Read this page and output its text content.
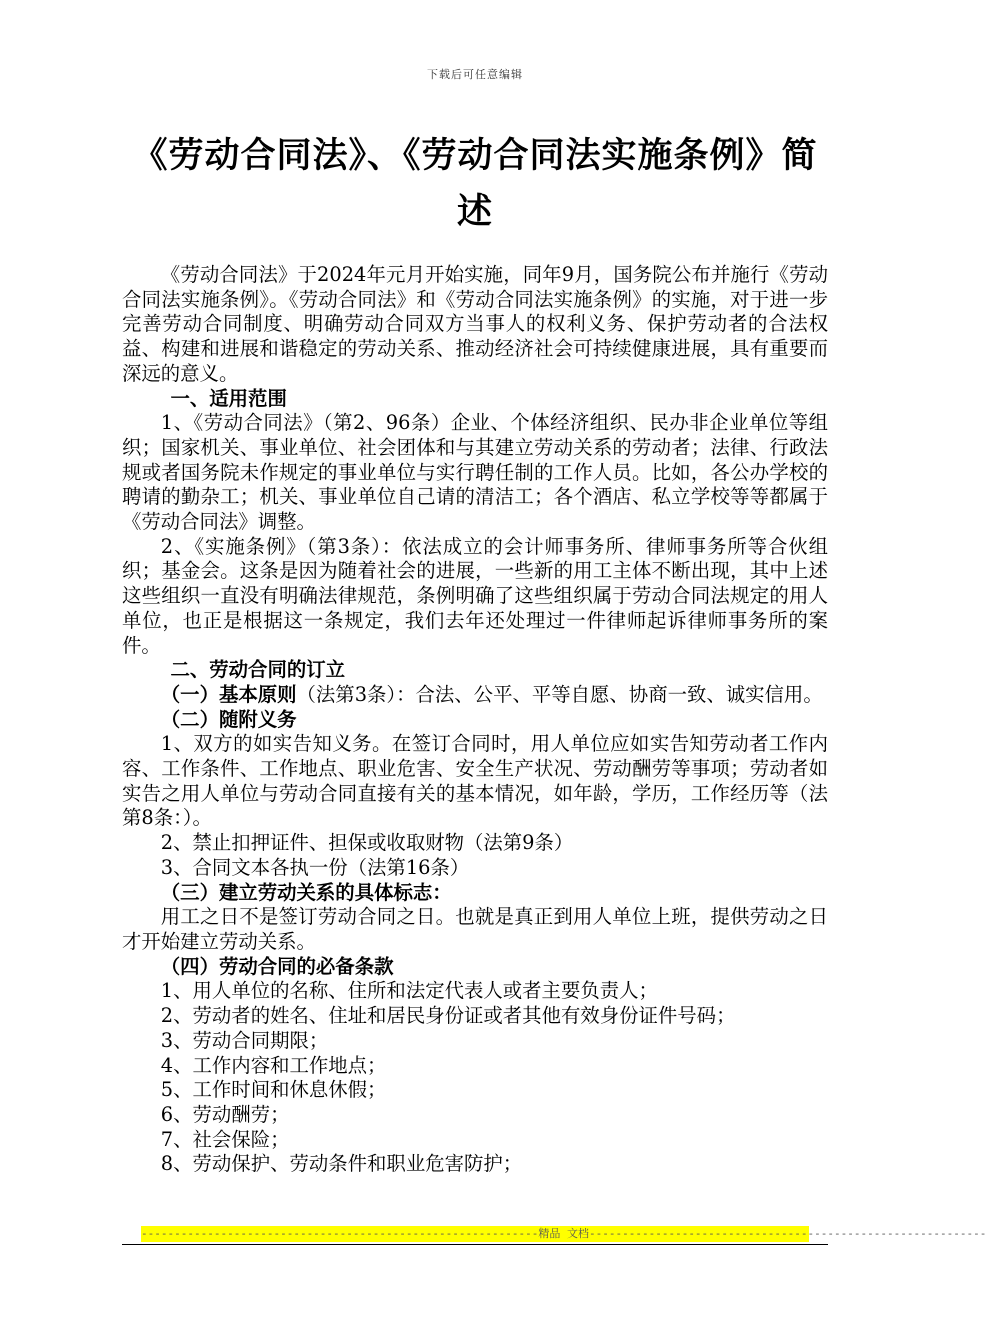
下载后可任意编辑
《劳动合同法》、《劳动合同法实施条例》简述

《劳动合同法》于2024年元月开始实施，同年9月，国务院公布并施行《劳动合同法实施条例》。《劳动合同法》和《劳动合同法实施条例》的实施，对于进一步完善劳动合同制度、明确劳动合同双方当事人的权利义务、保护劳动者的合法权益、构建和进展和谐稳定的劳动关系、推动经济社会可持续健康进展，具有重要而深远的意义。

一、适用范围

1、《劳动合同法》（第2、96条）企业、个体经济组织、民办非企业单位等组织；国家机关、事业单位、社会团体和与其建立劳动关系的劳动者；法律、行政法规或者国务院未作规定的事业单位与实行聘任制的工作人员。比如，各公办学校的聘请的勤杂工；机关、事业单位自己请的清洁工；各个酒店、私立学校等等都属于《劳动合同法》调整。

2、《实施条例》（第3条）：依法成立的会计师事务所、律师事务所等合伙组织；基金会。这条是因为随着社会的进展，一些新的用工主体不断出现，其中上述这些组织一直没有明确法律规范，条例明确了这些组织属于劳动合同法规定的用人单位，也正是根据这一条规定，我们去年还处理过一件律师起诉律师事务所的案件。

二、劳动合同的订立

（一）基本原则（法第3条）：合法、公平、平等自愿、协商一致、诚实信用。

（二）随附义务

1、双方的如实告知义务。在签订合同时，用人单位应如实告知劳动者工作内容、工作条件、工作地点、职业危害、安全生产状况、劳动酬劳等事项；劳动者如实告之用人单位与劳动合同直接有关的基本情况，如年龄，学历，工作经历等（法第8条：）。

2、禁止扣押证件、担保或收取财物（法第9条）

3、合同文本各执一份（法第16条）

（三）建立劳动关系的具体标志：

用工之日不是签订劳动合同之日。也就是真正到用人单位上班，提供劳动之日才开始建立劳动关系。

（四）劳动合同的必备条款

1、用人单位的名称、住所和法定代表人或者主要负责人；

2、劳动者的姓名、住址和居民身份证或者其他有效身份证件号码；

3、劳动合同期限；

4、工作内容和工作地点；

5、工作时间和休息休假；

6、劳动酬劳；

7、社会保险；

8、劳动保护、劳动条件和职业危害防护；

------------------------------------------------------------精品 文档------------------------------------------------------------
